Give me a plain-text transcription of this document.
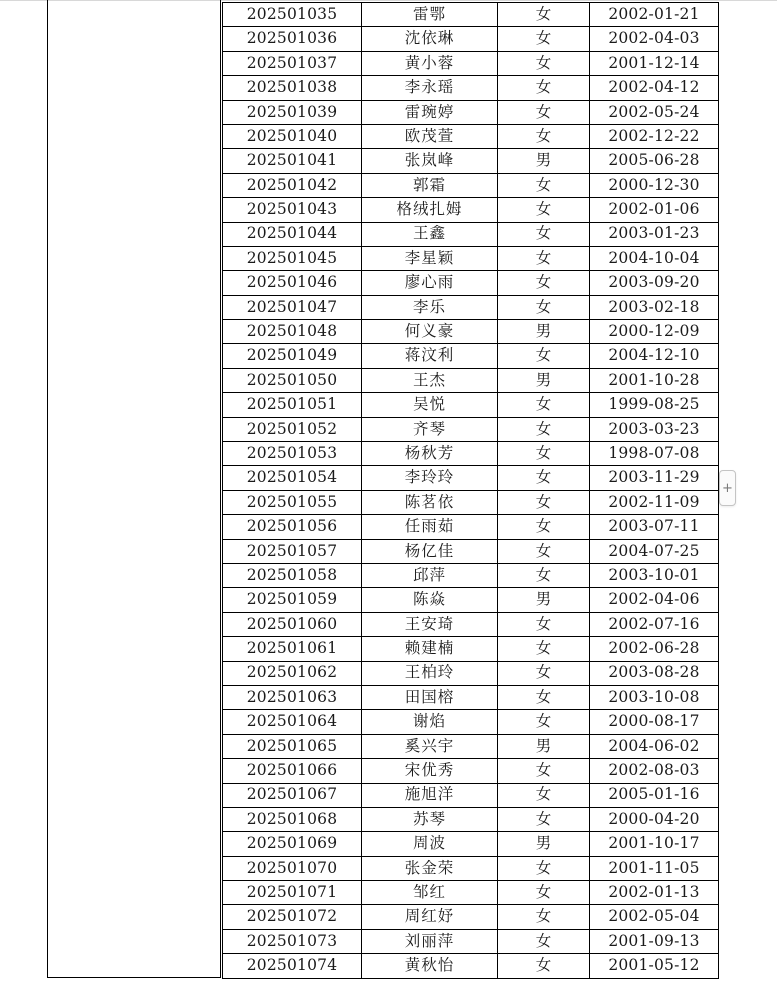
202501035	雷鄂	女	2002-01-21
202501036	沈依琳	女	2002-04-03
202501037	黄小蓉	女	2001-12-14
202501038	李永瑶	女	2002-04-12
202501039	雷琬婷	女	2002-05-24
202501040	欧茂萱	女	2002-12-22
202501041	张岚峰	男	2005-06-28
202501042	郭霜	女	2000-12-30
202501043	格绒扎姆	女	2002-01-06
202501044	王鑫	女	2003-01-23
202501045	李星颖	女	2004-10-04
202501046	廖心雨	女	2003-09-20
202501047	李乐	女	2003-02-18
202501048	何义豪	男	2000-12-09
202501049	蒋汶利	女	2004-12-10
202501050	王杰	男	2001-10-28
202501051	吴悦	女	1999-08-25
202501052	齐琴	女	2003-03-23
202501053	杨秋芳	女	1998-07-08
202501054	李玲玲	女	2003-11-29
202501055	陈茗依	女	2002-11-09
202501056	任雨茹	女	2003-07-11
202501057	杨亿佳	女	2004-07-25
202501058	邱萍	女	2003-10-01
202501059	陈焱	男	2002-04-06
202501060	王安琦	女	2002-07-16
202501061	赖建楠	女	2002-06-28
202501062	王柏玲	女	2003-08-28
202501063	田国榕	女	2003-10-08
202501064	谢焰	女	2000-08-17
202501065	奚兴宇	男	2004-06-02
202501066	宋优秀	女	2002-08-03
202501067	施旭洋	女	2005-01-16
202501068	苏琴	女	2000-04-20
202501069	周波	男	2001-10-17
202501070	张金荣	女	2001-11-05
202501071	邹红	女	2002-01-13
202501072	周红妤	女	2002-05-04
202501073	刘丽萍	女	2001-09-13
202501074	黄秋怡	女	2001-05-12
+
